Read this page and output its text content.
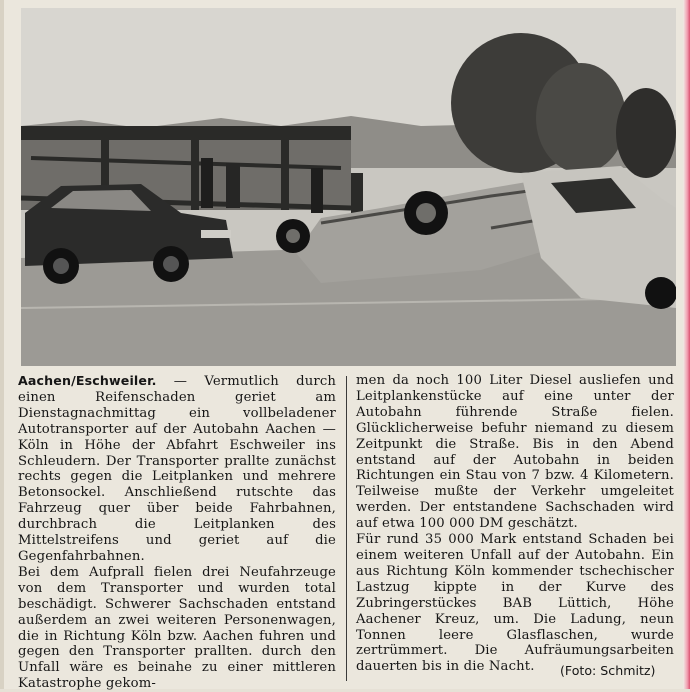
Aachen/Eschweiler. — Vermutlich durch einen Reifenschaden geriet am Dienstagnachmittag ein vollbeladener Autotransporter auf der Autobahn Aachen — Köln in Höhe der Abfahrt Eschweiler ins Schleudern. Der Transporter prallte zunächst rechts gegen die Leitplanken und mehrere Betonsockel. Anschließend rutschte das Fahrzeug quer über beide Fahrbahnen, durchbrach die Leitplanken des Mittelstreifens und geriet auf die Gegenfahrbahnen.

Bei dem Aufprall fielen drei Neufahrzeuge von dem Transporter und wurden total beschädigt. Schwerer Sachschaden entstand außerdem an zwei weiteren Personenwagen, die in Richtung Köln bzw. Aachen fuhren und gegen den Transporter prallten. durch den Unfall wäre es beinahe zu einer mittleren Katastrophe gekom-

men da noch 100 Liter Diesel ausliefen und Leitplankenstücke auf eine unter der Autobahn führende Straße fielen. Glücklicherweise befuhr niemand zu diesem Zeitpunkt die Straße. Bis in den Abend entstand auf der Autobahn in beiden Richtungen ein Stau von 7 bzw. 4 Kilometern. Teilweise mußte der Verkehr umgeleitet werden. Der entstandene Sachschaden wird auf etwa 100 000 DM geschätzt.

Für rund 35 000 Mark entstand Schaden bei einem weiteren Unfall auf der Autobahn. Ein aus Richtung Köln kommender tschechischer Lastzug kippte in der Kurve des Zubringerstückes BAB Lüttich, Höhe Aachener Kreuz, um. Die Ladung, neun Tonnen leere Glasflaschen, wurde zertrümmert. Die Aufräumungsarbeiten dauerten bis in die Nacht.	(Foto: Schmitz)
